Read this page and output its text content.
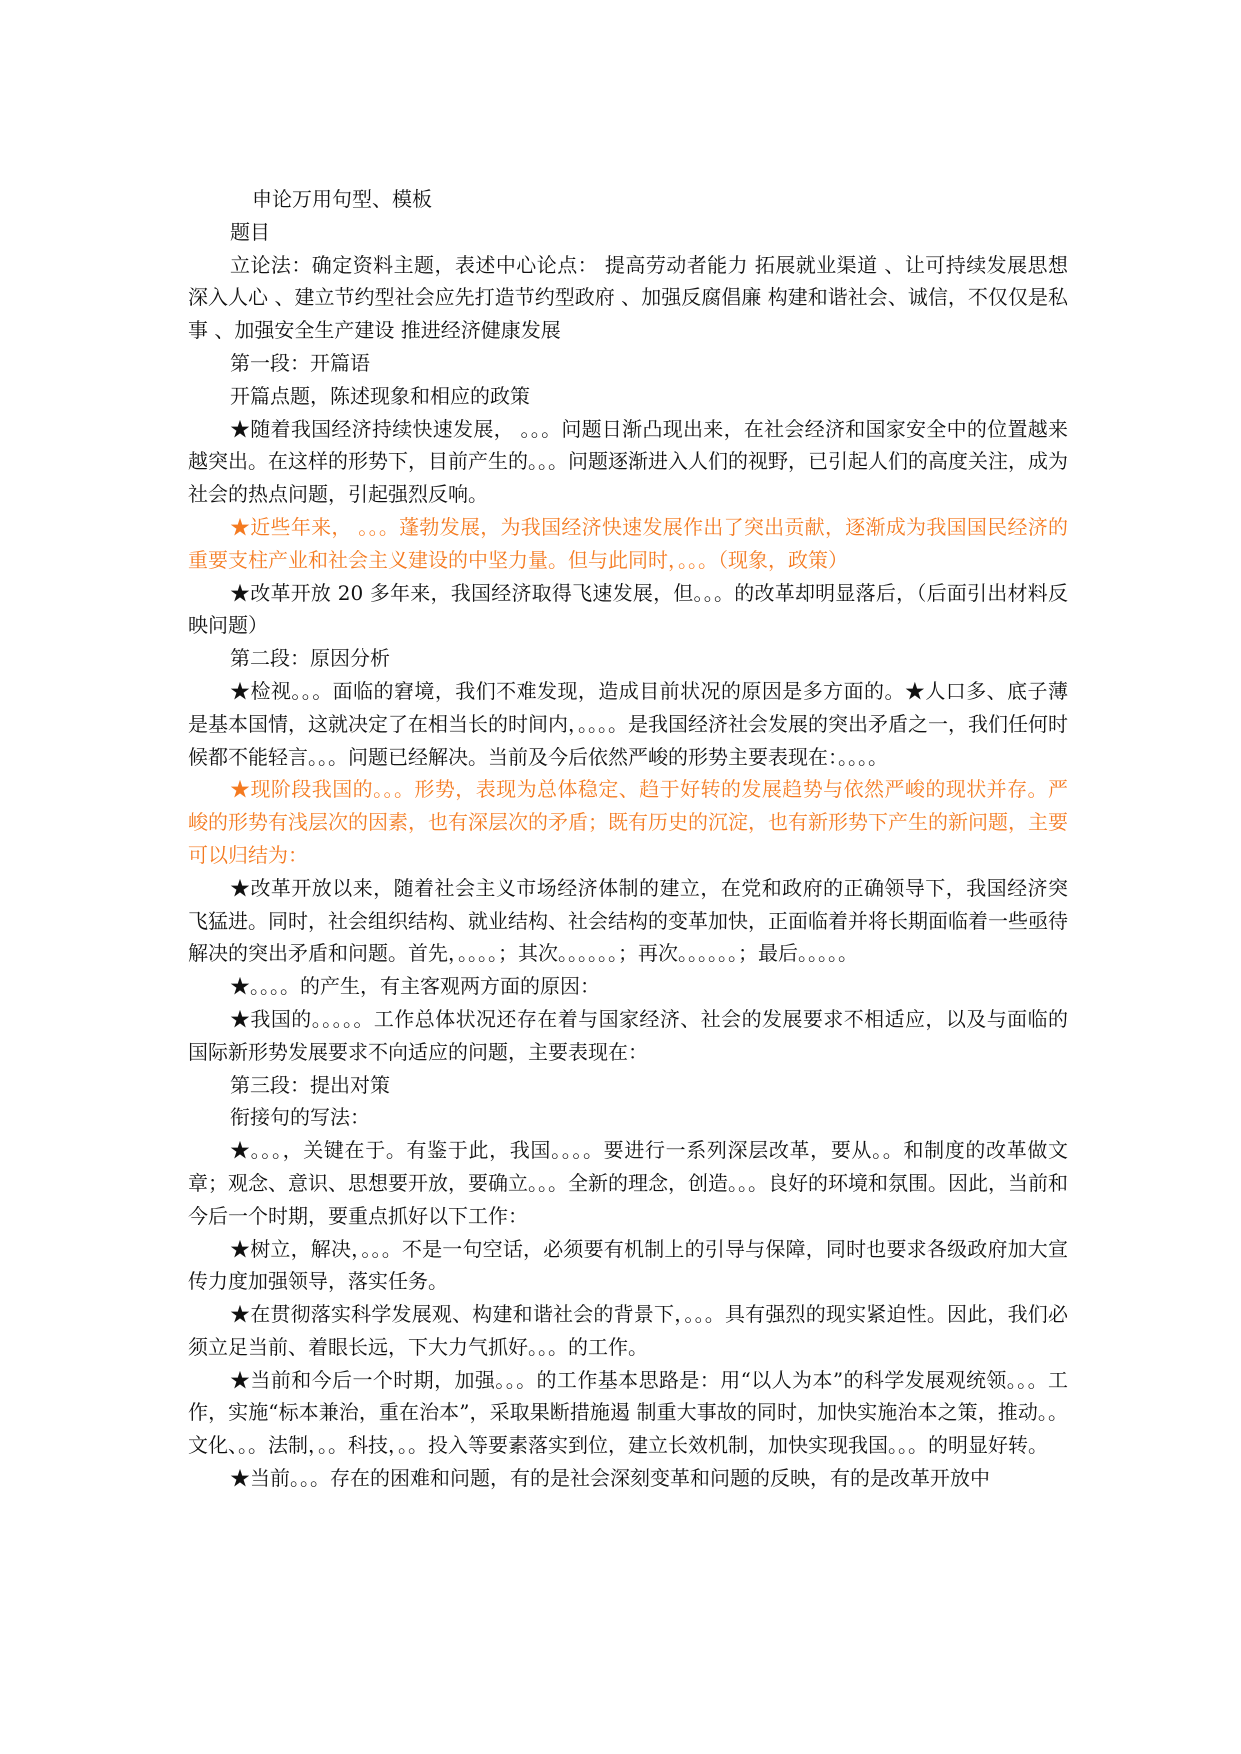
申论万用句型、模板

题目

立论法：确定资料主题，表述中心论点： 提高劳动者能力 拓展就业渠道 、让可持续发展思想深入人心 、建立节约型社会应先打造节约型政府 、加强反腐倡廉 构建和谐社会、诚信，不仅仅是私事 、加强安全生产建设 推进经济健康发展

第一段：开篇语

开篇点题，陈述现象和相应的政策

★随着我国经济持续快速发展， 。。。问题日渐凸现出来，在社会经济和国家安全中的位置越来越突出。在这样的形势下，目前产生的。。。问题逐渐进入人们的视野，已引起人们的高度关注，成为社会的热点问题，引起强烈反响。

★近些年来， 。。。蓬勃发展，为我国经济快速发展作出了突出贡献，逐渐成为我国国民经济的重要支柱产业和社会主义建设的中坚力量。但与此同时，。。。（现象，政策）

★改革开放 20 多年来，我国经济取得飞速发展，但。。。的改革却明显落后，（后面引出材料反映问题）

第二段：原因分析

★检视。。。面临的窘境，我们不难发现，造成目前状况的原因是多方面的。★人口多、底子薄是基本国情，这就决定了在相当长的时间内，。。。。是我国经济社会发展的突出矛盾之一，我们任何时候都不能轻言。。。问题已经解决。当前及今后依然严峻的形势主要表现在：。。。。

★现阶段我国的。。。形势，表现为总体稳定、趋于好转的发展趋势与依然严峻的现状并存。严峻的形势有浅层次的因素，也有深层次的矛盾；既有历史的沉淀，也有新形势下产生的新问题，主要可以归结为：

★改革开放以来，随着社会主义市场经济体制的建立，在党和政府的正确领导下，我国经济突飞猛进。同时，社会组织结构、就业结构、社会结构的变革加快，正面临着并将长期面临着一些亟待解决的突出矛盾和问题。首先，。。。。；其次。。。。。。；再次。。。。。。；最后。。。。。

★。。。。的产生，有主客观两方面的原因：

★我国的。。。。。工作总体状况还存在着与国家经济、社会的发展要求不相适应，以及与面临的国际新形势发展要求不向适应的问题，主要表现在：

第三段：提出对策

衔接句的写法：

★。。。，关键在于。有鉴于此，我国。。。。要进行一系列深层改革，要从。。和制度的改革做文章；观念、意识、思想要开放，要确立。。。全新的理念，创造。。。良好的环境和氛围。因此，当前和今后一个时期，要重点抓好以下工作：

★树立，解决，。。。不是一句空话，必须要有机制上的引导与保障，同时也要求各级政府加大宣传力度加强领导，落实任务。

★在贯彻落实科学发展观、构建和谐社会的背景下，。。。具有强烈的现实紧迫性。因此，我们必须立足当前、着眼长远，下大力气抓好。。。的工作。

★当前和今后一个时期，加强。。。的工作基本思路是：用“以人为本”的科学发展观统领。。。工作，实施“标本兼治，重在治本”，采取果断措施遏 制重大事故的同时，加快实施治本之策，推动。。文化、。。法制，。。科技，。。投入等要素落实到位，建立长效机制，加快实现我国。。。的明显好转。

★当前。。。存在的困难和问题，有的是社会深刻变革和问题的反映，有的是改革开放中
